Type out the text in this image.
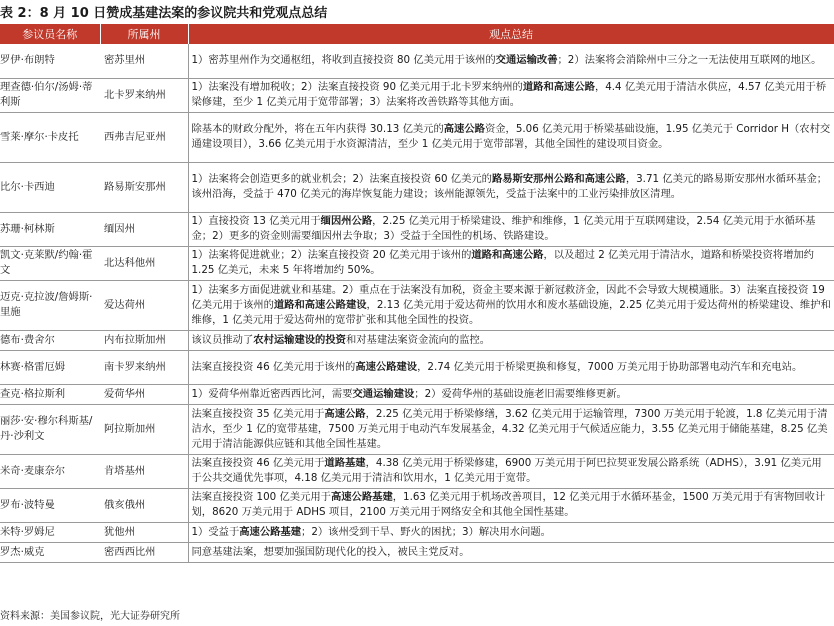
表 2：8 月 10 日赞成基建法案的参议院共和党观点总结
参议员名称	所属州	观点总结
罗伊·布朗特	密苏里州	1）密苏里州作为交通枢纽，将收到直接投资 80 亿美元用于该州的交通运输改善；2）法案将会消除州中三分之一无法使用互联网的地区。
理查德·伯尔/汤姆·蒂利斯	北卡罗来纳州	1）法案没有增加税收；2）法案直接投资 90 亿美元用于北卡罗来纳州的道路和高速公路，4.4 亿美元用于清洁水供应，4.57 亿美元用于桥梁修建，至少 1 亿美元用于宽带部署；3）法案将改善铁路等其他方面。
雪莱·摩尔·卡皮托	西弗吉尼亚州	除基本的财政分配外，将在五年内获得 30.13 亿美元的高速公路资金，5.06 亿美元用于桥梁基础设施，1.95 亿美元于 Corridor H（农村交通建设项目），3.66 亿美元用于水资源清洁，至少 1 亿美元用于宽带部署，其他全国性的建设项目资金。
比尔·卡西迪	路易斯安那州	1）法案将会创造更多的就业机会；2）法案直接投资 60 亿美元的路易斯安那州公路和高速公路，3.71 亿美元的路易斯安那州水循环基金；该州沿海，受益于 470 亿美元的海岸恢复能力建设；该州能源领先，受益于法案中的工业污染排放区清理。
苏珊·柯林斯	缅因州	1）直接投资 13 亿美元用于缅因州公路，2.25 亿美元用于桥梁建设、维护和维修，1 亿美元用于互联网建设，2.54 亿美元用于水循环基金；2）更多的资金则需要缅因州去争取；3）受益于全国性的机场、铁路建设。
凯文·克莱默/约翰·霍文	北达科他州	1）法案将促进就业；2）法案直接投资 20 亿美元用于该州的道路和高速公路，以及超过 2 亿美元用于清洁水，道路和桥梁投资将增加约 1.25 亿美元，未来 5 年将增加约 50%。
迈克·克拉波/詹姆斯·里施	爱达荷州	1）法案多方面促进就业和基建。2）重点在于法案没有加税，资金主要来源于新冠救济金，因此不会导致大规模通胀。3）法案直接投资 19 亿美元用于该州的道路和高速公路建设，2.13 亿美元用于爱达荷州的饮用水和废水基础设施，2.25 亿美元用于爱达荷州的桥梁建设、维护和维修，1 亿美元用于爱达荷州的宽带扩张和其他全国性的投资。
德布·费舍尔	内布拉斯加州	该议员推动了农村运输建设的投资和对基建法案资金流向的监控。
林赛·格雷厄姆	南卡罗来纳州	法案直接投资 46 亿美元用于该州的高速公路建设，2.74 亿美元用于桥梁更换和修复，7000 万美元用于协助部署电动汽车和充电站。
查克·格拉斯利	爱荷华州	1）爱荷华州靠近密西西比河，需要交通运输建设；2）爱荷华州的基础设施老旧需要维修更新。
丽莎·安·穆尔科斯基/丹·沙利文	阿拉斯加州	法案直接投资 35 亿美元用于高速公路，2.25 亿美元用于桥梁修缮，3.62 亿美元用于运输管理，7300 万美元用于轮渡，1.8 亿美元用于清洁水，至少 1 亿的宽带基建，7500 万美元用于电动汽车发展基金，4.32 亿美元用于气候适应能力，3.55 亿美元用于储能基建，8.25 亿美元用于清洁能源供应链和其他全国性基建。
米奇·麦康奈尔	肯塔基州	法案直接投资 46 亿美元用于道路基建，4.38 亿美元用于桥梁修建，6900 万美元用于阿巴拉契亚发展公路系统（ADHS），3.91 亿美元用于公共交通优先事项，4.18 亿美元用于清洁和饮用水，1 亿美元用于宽带。
罗布·波特曼	俄亥俄州	法案直接投资 100 亿美元用于高速公路基建，1.63 亿美元用于机场改善项目，12 亿美元用于水循环基金，1500 万美元用于有害物回收计划，8620 万美元用于 ADHS 项目，2100 万美元用于网络安全和其他全国性基建。
米特·罗姆尼	犹他州	1）受益于高速公路基建；2）该州受到干旱、野火的困扰；3）解决用水问题。
罗杰·威克	密西西比州	同意基建法案，想要加强国防现代化的投入，被民主党反对。
资料来源：美国参议院，光大证券研究所
